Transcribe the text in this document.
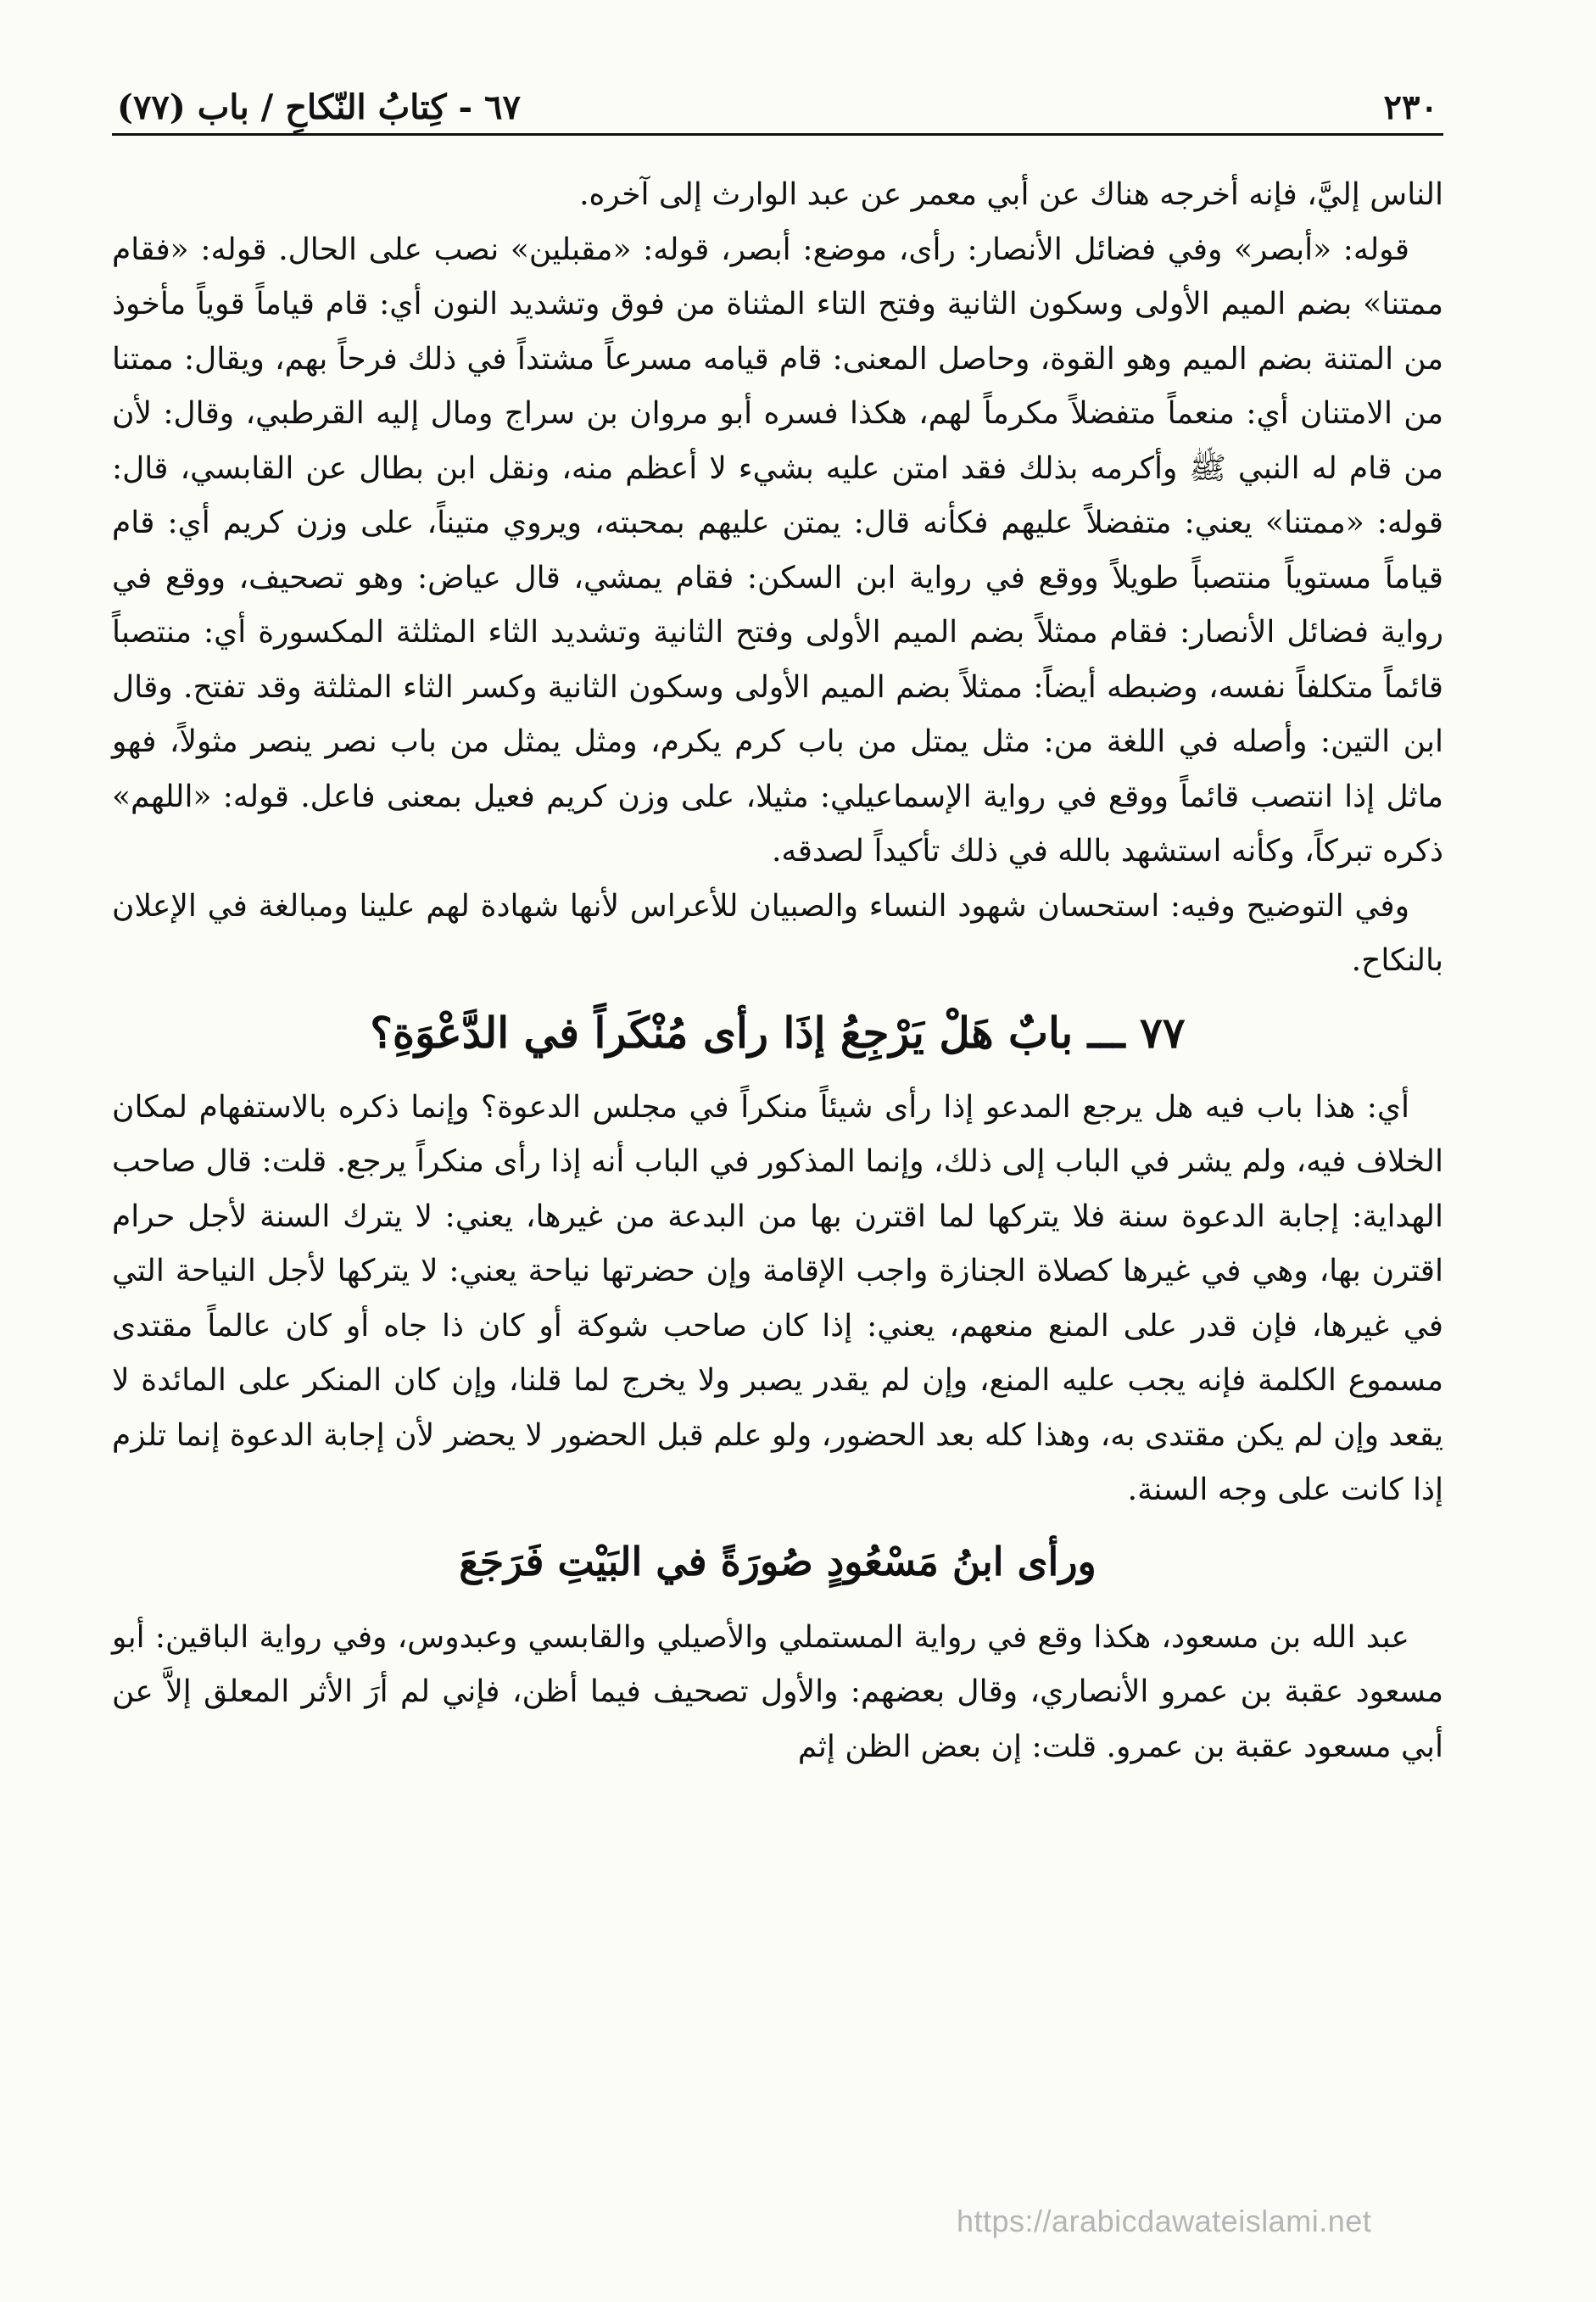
٢٣٠
٦٧ - كِتابُ النّكاحِ / باب (٧٧)

الناس إليَّ، فإنه أخرجه هناك عن أبي معمر عن عبد الوارث إلى آخره.

قوله: «أبصر» وفي فضائل الأنصار: رأى، موضع: أبصر، قوله: «مقبلين» نصب على الحال. قوله: «فقام ممتنا» بضم الميم الأولى وسكون الثانية وفتح التاء المثناة من فوق وتشديد النون أي: قام قياماً قوياً مأخوذ من المتنة بضم الميم وهو القوة، وحاصل المعنى: قام قيامه مسرعاً مشتداً في ذلك فرحاً بهم، ويقال: ممتنا من الامتنان أي: منعماً متفضلاً مكرماً لهم، هكذا فسره أبو مروان بن سراج ومال إليه القرطبي، وقال: لأن من قام له النبي ﷺ وأكرمه بذلك فقد امتن عليه بشيء لا أعظم منه، ونقل ابن بطال عن القابسي، قال: قوله: «ممتنا» يعني: متفضلاً عليهم فكأنه قال: يمتن عليهم بمحبته، ويروي متيناً، على وزن كريم أي: قام قياماً مستوياً منتصباً طويلاً ووقع في رواية ابن السكن: فقام يمشي، قال عياض: وهو تصحيف، ووقع في رواية فضائل الأنصار: فقام ممثلاً بضم الميم الأولى وفتح الثانية وتشديد الثاء المثلثة المكسورة أي: منتصباً قائماً متكلفاً نفسه، وضبطه أيضاً: ممثلاً بضم الميم الأولى وسكون الثانية وكسر الثاء المثلثة وقد تفتح. وقال ابن التين: وأصله في اللغة من: مثل يمتل من باب كرم يكرم، ومثل يمثل من باب نصر ينصر مثولاً، فهو ماثل إذا انتصب قائماً ووقع في رواية الإسماعيلي: مثيلا، على وزن كريم فعيل بمعنى فاعل. قوله: «اللهم» ذكره تبركاً، وكأنه استشهد بالله في ذلك تأكيداً لصدقه.

وفي التوضيح وفيه: استحسان شهود النساء والصبيان للأعراس لأنها شهادة لهم علينا ومبالغة في الإعلان بالنكاح.

٧٧ ـــ بابٌ هَلْ يَرْجِعُ إذَا رأى مُنْكَراً في الدَّعْوَةِ؟

أي: هذا باب فيه هل يرجع المدعو إذا رأى شيئاً منكراً في مجلس الدعوة؟ وإنما ذكره بالاستفهام لمكان الخلاف فيه، ولم يشر في الباب إلى ذلك، وإنما المذكور في الباب أنه إذا رأى منكراً يرجع. قلت: قال صاحب الهداية: إجابة الدعوة سنة فلا يتركها لما اقترن بها من البدعة من غيرها، يعني: لا يترك السنة لأجل حرام اقترن بها، وهي في غيرها كصلاة الجنازة واجب الإقامة وإن حضرتها نياحة يعني: لا يتركها لأجل النياحة التي في غيرها، فإن قدر على المنع منعهم، يعني: إذا كان صاحب شوكة أو كان ذا جاه أو كان عالماً مقتدى مسموع الكلمة فإنه يجب عليه المنع، وإن لم يقدر يصبر ولا يخرج لما قلنا، وإن كان المنكر على المائدة لا يقعد وإن لم يكن مقتدى به، وهذا كله بعد الحضور، ولو علم قبل الحضور لا يحضر لأن إجابة الدعوة إنما تلزم إذا كانت على وجه السنة.

ورأى ابنُ مَسْعُودٍ صُورَةً في البَيْتِ فَرَجَعَ

عبد الله بن مسعود، هكذا وقع في رواية المستملي والأصيلي والقابسي وعبدوس، وفي رواية الباقين: أبو مسعود عقبة بن عمرو الأنصاري، وقال بعضهم: والأول تصحيف فيما أظن، فإني لم أرَ الأثر المعلق إلاَّ عن أبي مسعود عقبة بن عمرو. قلت: إن بعض الظن إثم

https://arabicdawateislami.net
